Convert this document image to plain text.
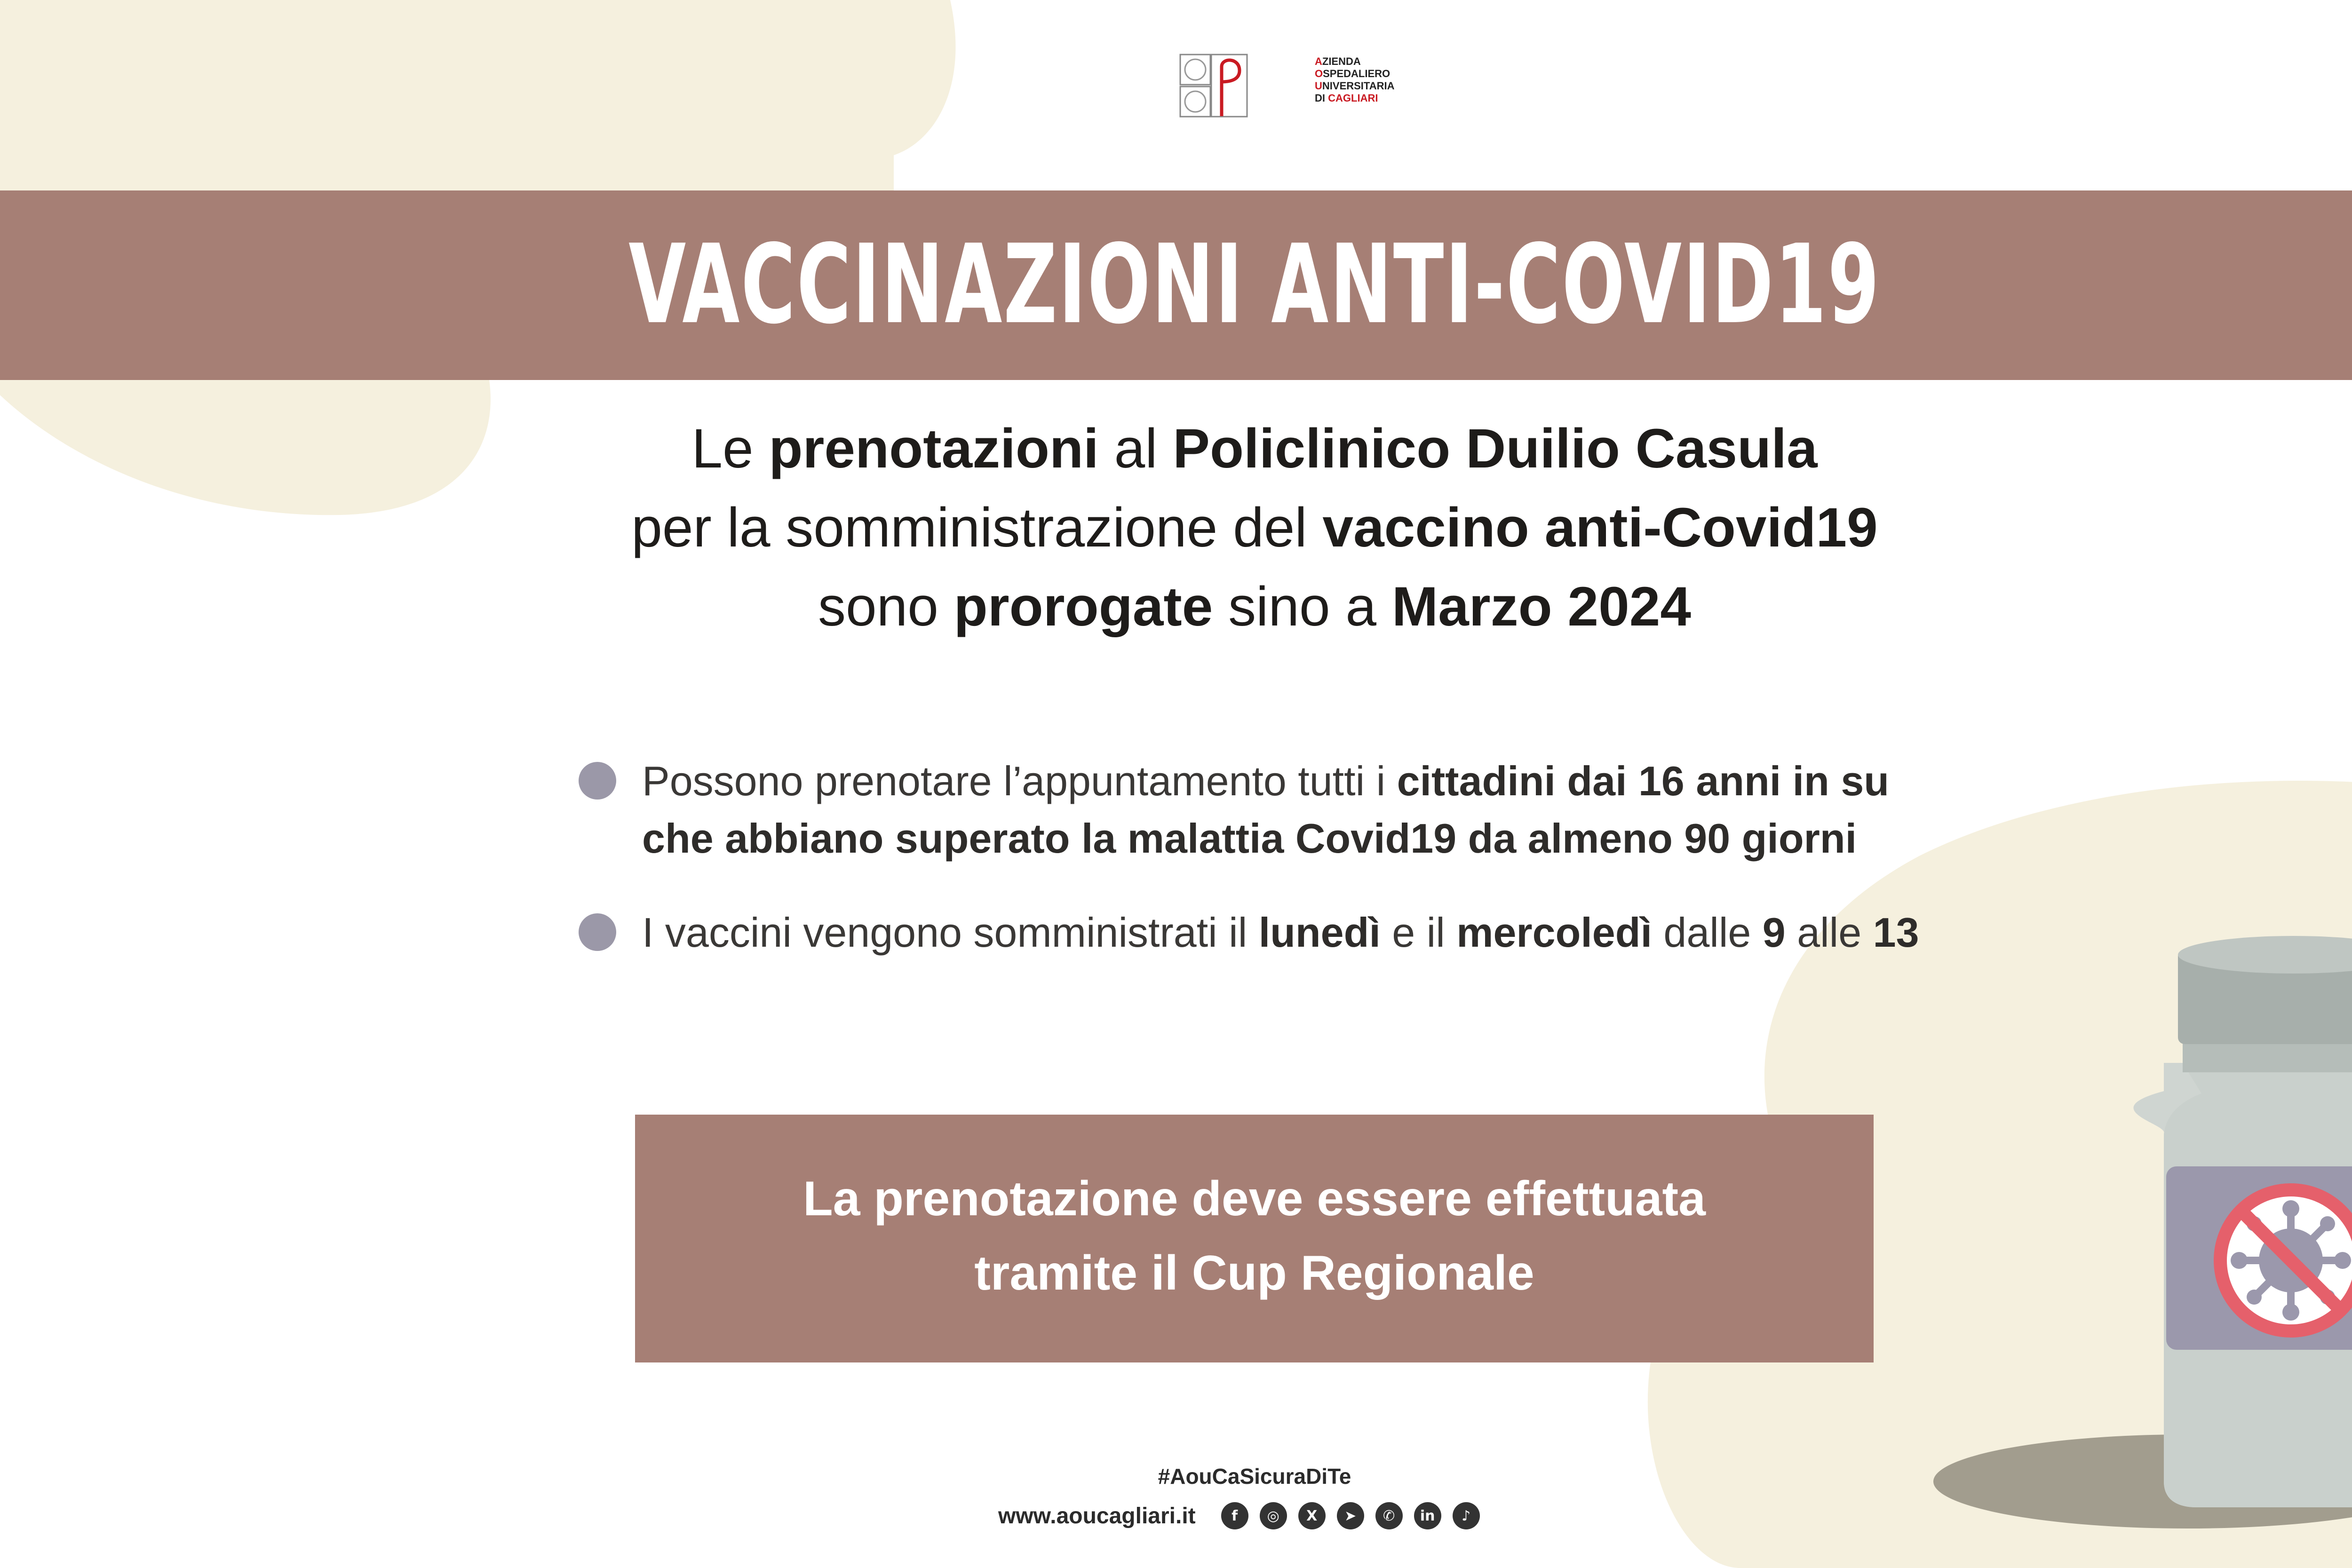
AZIENDA
OSPEDALIERO
UNIVERSITARIA
DI CAGLIARI
VACCINAZIONI ANTI-COVID19
Le prenotazioni al Policlinico Duilio Casula
per la somministrazione del vaccino anti-Covid19
sono prorogate sino a Marzo 2024
Possono prenotare l’appuntamento tutti i cittadini dai 16 anni in su
che abbiano superato la malattia Covid19 da almeno 90 giorni
I vaccini vengono somministrati il lunedì e il mercoledì dalle 9 alle 13
La prenotazione deve essere effettuata
tramite il Cup Regionale
#AouCaSicuraDiTe
www.aoucagliari.it	f	◎	X	➤	✆	in	♪
